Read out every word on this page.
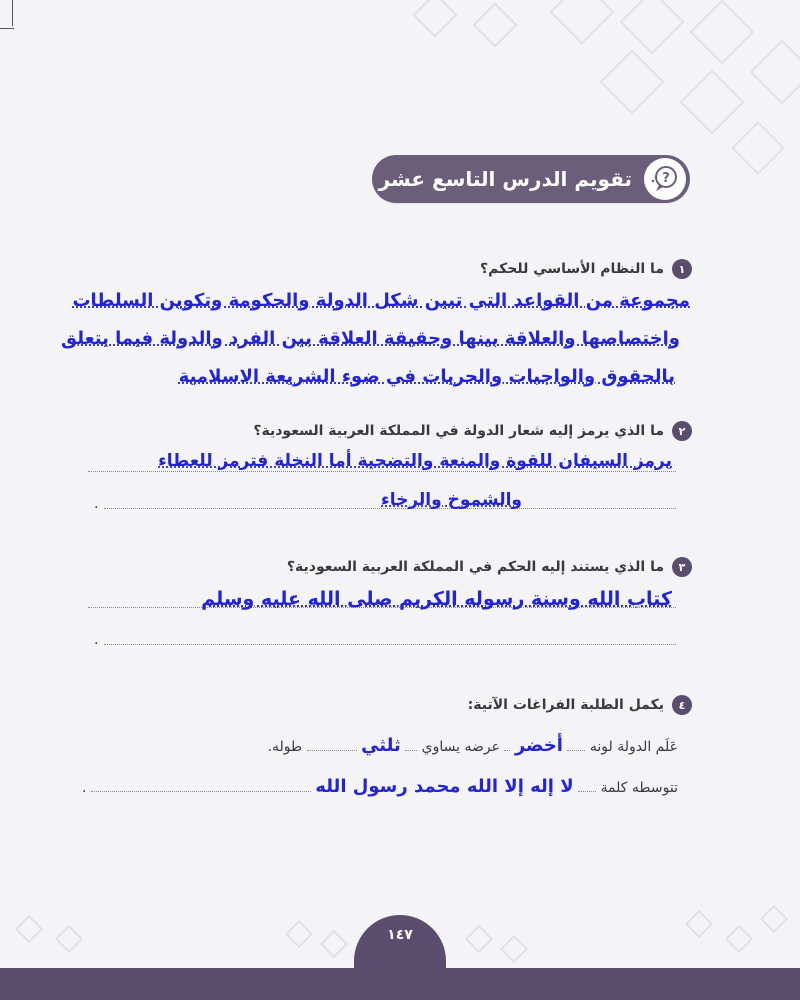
?
تقويم الدرس التاسع عشر
١
ما النظام الأساسي للحكم؟
مجموعة من القواعد التي تبين شكل الدولة والحكومة وتكوين السلطات
واختصاصها والعلاقة بينها وحقيقة العلاقة بين الفرد والدولة فيما يتعلق
بالحقوق والواجبات والحريات في ضوء الشريعة الاسلامية
٢
ما الذي يرمز إليه شعار الدولة في المملكة العربية السعودية؟
يرمز السيفان للقوة والمنعة والتضحية أما النخلة فترمز للعطاء
.	والشموخ والرخاء
٣
ما الذي يستند إليه الحكم في المملكة العربية السعودية؟
كتاب الله وسنة رسوله الكريم صلى الله عليه وسلم
.
٤
يكمل الطلبة الفراغات الآتية:
عَلَم الدولة لونه  أخضر  عرضه يساوي  ثلثي  طوله.
تتوسطه كلمة  لا إله إلا الله محمد رسول الله  .
١٤٧
